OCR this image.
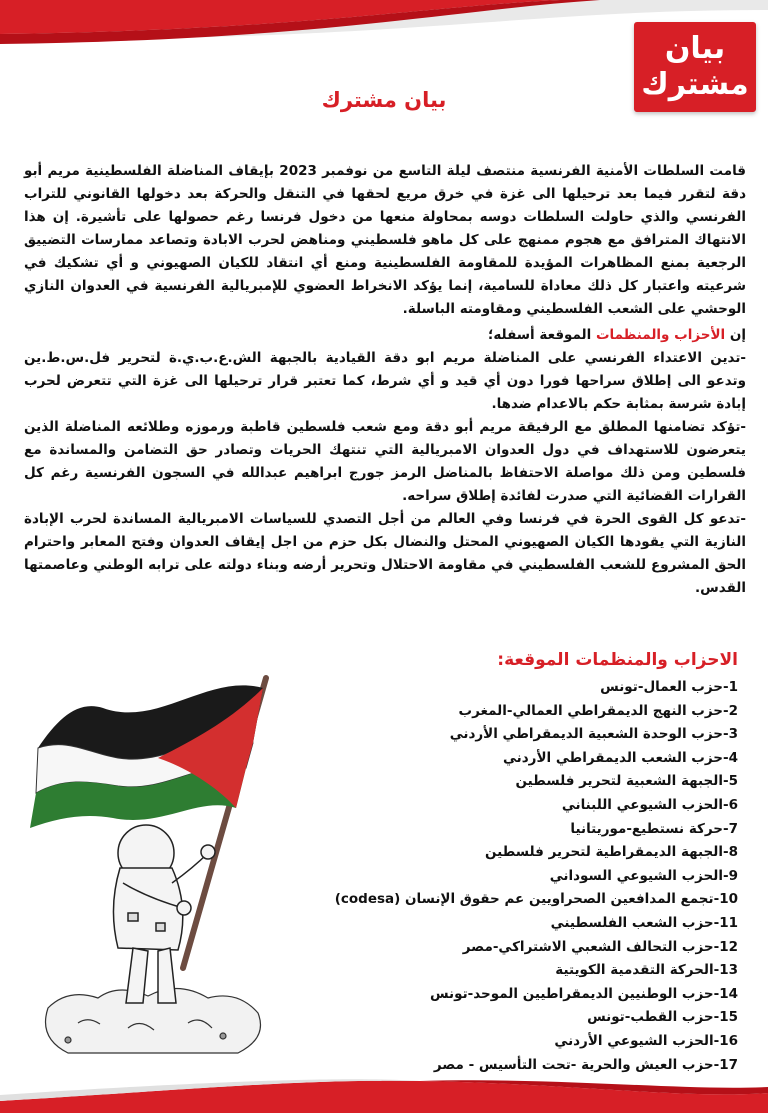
بيان
مشترك
بيان مشترك

قامت السلطات الأمنية الفرنسية منتصف ليلة التاسع من نوفمبر 2023 بإيقاف المناضلة الفلسطينية مريم أبو دقة لتقرر فيما بعد ترحيلها الى غزة في خرق مريع لحقها في التنقل والحركة بعد دخولها القانوني للتراب الفرنسي والذي حاولت السلطات دوسه بمحاولة منعها من دخول فرنسا رغم حصولها على تأشيرة. إن هذا الانتهاك المترافق مع هجوم ممنهج على كل ماهو فلسطيني ومناهض لحرب الابادة وتصاعد ممارسات التضييق الرجعية بمنع المظاهرات المؤيدة للمقاومة الفلسطينية ومنع أي انتقاد للكيان الصهيوني و أي تشكيك في شرعيته واعتبار كل ذلك معاداة للسامية، إنما يؤكد الانخراط العضوي للإمبريالية الفرنسية في العدوان النازي الوحشي على الشعب الفلسطيني ومقاومته الباسلة.

إن الأحزاب والمنظمات الموقعة أسفله؛

-تدين الاعتداء الفرنسي على المناضلة مريم ابو دقة القيادية بالجبهة الش.ع.ب.ي.ة لتحرير فل.س.ط.ين وتدعو الى إطلاق سراحها فورا دون أي قيد و أي شرط، كما تعتبر قرار ترحيلها الى غزة التي تتعرض لحرب إبادة شرسة بمثابة حكم بالاعدام ضدها.

-تؤكد تضامنها المطلق مع الرفيقة مريم أبو دقة ومع شعب فلسطين قاطبة ورموزه وطلائعه المناضلة الذين يتعرضون للاستهداف في دول العدوان الامبريالية التي تنتهك الحريات وتصادر حق التضامن والمساندة مع فلسطين ومن ذلك مواصلة الاحتفاظ بالمناضل الرمز جورج ابراهيم عبدالله في السجون الفرنسية رغم كل القرارات القضائية التي صدرت لفائدة إطلاق سراحه.

-تدعو كل القوى الحرة في فرنسا وفي العالم من أجل التصدي للسياسات الامبريالية المساندة لحرب الإبادة النازية التي يقودها الكيان الصهيوني المحتل والنضال بكل حزم من اجل إيقاف العدوان وفتح المعابر واحترام الحق المشروع للشعب الفلسطيني في مقاومة الاحتلال وتحرير أرضه وبناء دولته على ترابه الوطني وعاصمتها القدس.

الاحزاب والمنظمات الموقعة:
1-حزب العمال-تونس
2-حزب النهج الديمقراطي العمالي-المغرب
3-حزب الوحدة الشعبية الديمقراطي الأردني
4-حزب الشعب الديمقراطي الأردني
5-الجبهة الشعبية لتحرير فلسطين
6-الحزب الشيوعي اللبناني
7-حركة نستطيع-موريتانيا
8-الجبهة الديمقراطية لتحرير فلسطين
9-الحزب الشيوعي السوداني
10-تجمع المدافعين الصحراويين عم حقوق الإنسان (codesa)
11-حزب الشعب الفلسطيني
12-حزب التحالف الشعبي الاشتراكي-مصر
13-الحركة التقدمية الكويتية
14-حزب الوطنيين الديمقراطيين الموحد-تونس
15-حزب القطب-تونس
16-الحزب الشيوعي الأردني
17-حزب العيش والحرية -تحت التأسيس - مصر
